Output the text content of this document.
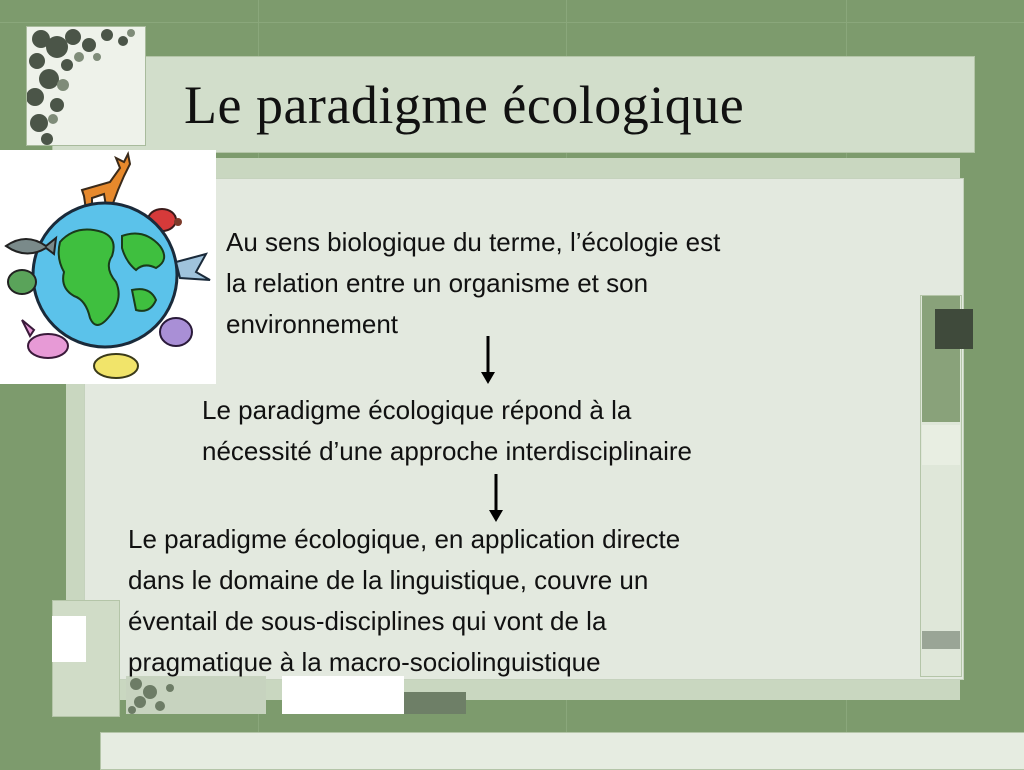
Le paradigme écologique

Au sens biologique du terme, l’écologie est
la relation entre un organisme et son
environnement

Le paradigme écologique répond à la
nécessité d’une approche interdisciplinaire

Le paradigme écologique, en application directe
dans le domaine de la linguistique, couvre un
éventail de sous-disciplines qui vont de la
pragmatique à la macro-sociolinguistique
